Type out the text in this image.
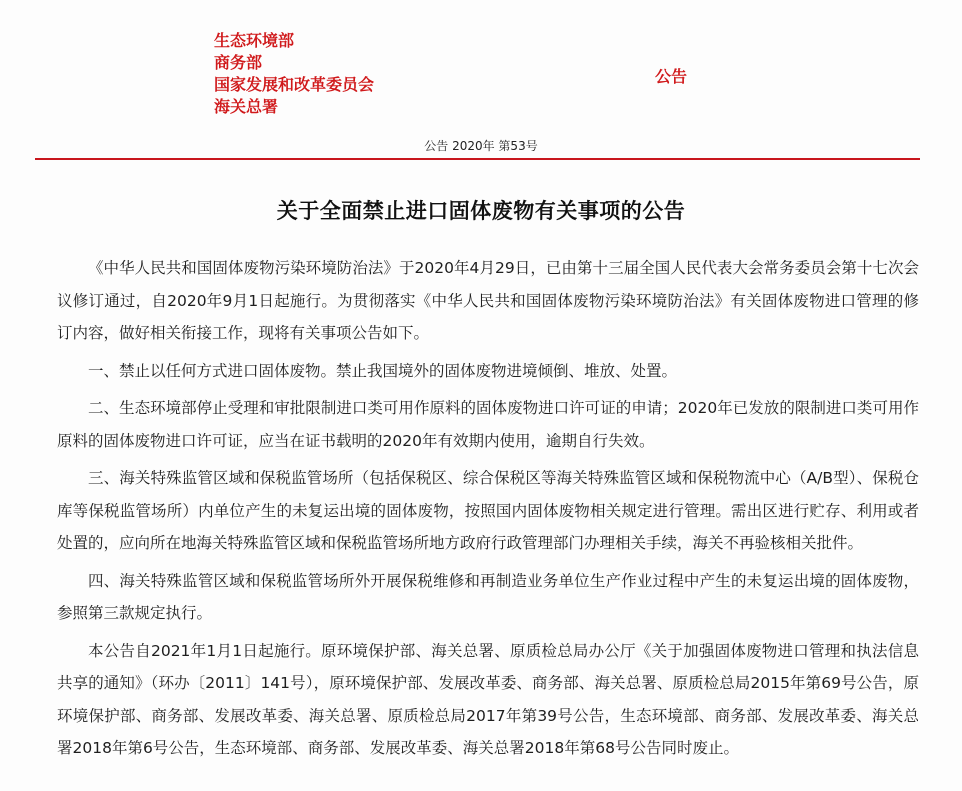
生态环境部
商务部
国家发展和改革委员会
海关总署
公告
公告 2020年 第53号
关于全面禁止进口固体废物有关事项的公告

《中华人民共和国固体废物污染环境防治法》于2020年4月29日，已由第十三届全国人民代表大会常务委员会第十七次会议修订通过，自2020年9月1日起施行。为贯彻落实《中华人民共和国固体废物污染环境防治法》有关固体废物进口管理的修订内容，做好相关衔接工作，现将有关事项公告如下。

一、禁止以任何方式进口固体废物。禁止我国境外的固体废物进境倾倒、堆放、处置。

二、生态环境部停止受理和审批限制进口类可用作原料的固体废物进口许可证的申请；2020年已发放的限制进口类可用作原料的固体废物进口许可证，应当在证书载明的2020年有效期内使用，逾期自行失效。

三、海关特殊监管区域和保税监管场所（包括保税区、综合保税区等海关特殊监管区域和保税物流中心（A/B型）、保税仓库等保税监管场所）内单位产生的未复运出境的固体废物，按照国内固体废物相关规定进行管理。需出区进行贮存、利用或者处置的，应向所在地海关特殊监管区域和保税监管场所地方政府行政管理部门办理相关手续，海关不再验核相关批件。

四、海关特殊监管区域和保税监管场所外开展保税维修和再制造业务单位生产作业过程中产生的未复运出境的固体废物，参照第三款规定执行。

本公告自2021年1月1日起施行。原环境保护部、海关总署、原质检总局办公厅《关于加强固体废物进口管理和执法信息共享的通知》（环办〔2011〕141号），原环境保护部、发展改革委、商务部、海关总署、原质检总局2015年第69号公告，原环境保护部、商务部、发展改革委、海关总署、原质检总局2017年第39号公告，生态环境部、商务部、发展改革委、海关总署2018年第6号公告，生态环境部、商务部、发展改革委、海关总署2018年第68号公告同时废止。
